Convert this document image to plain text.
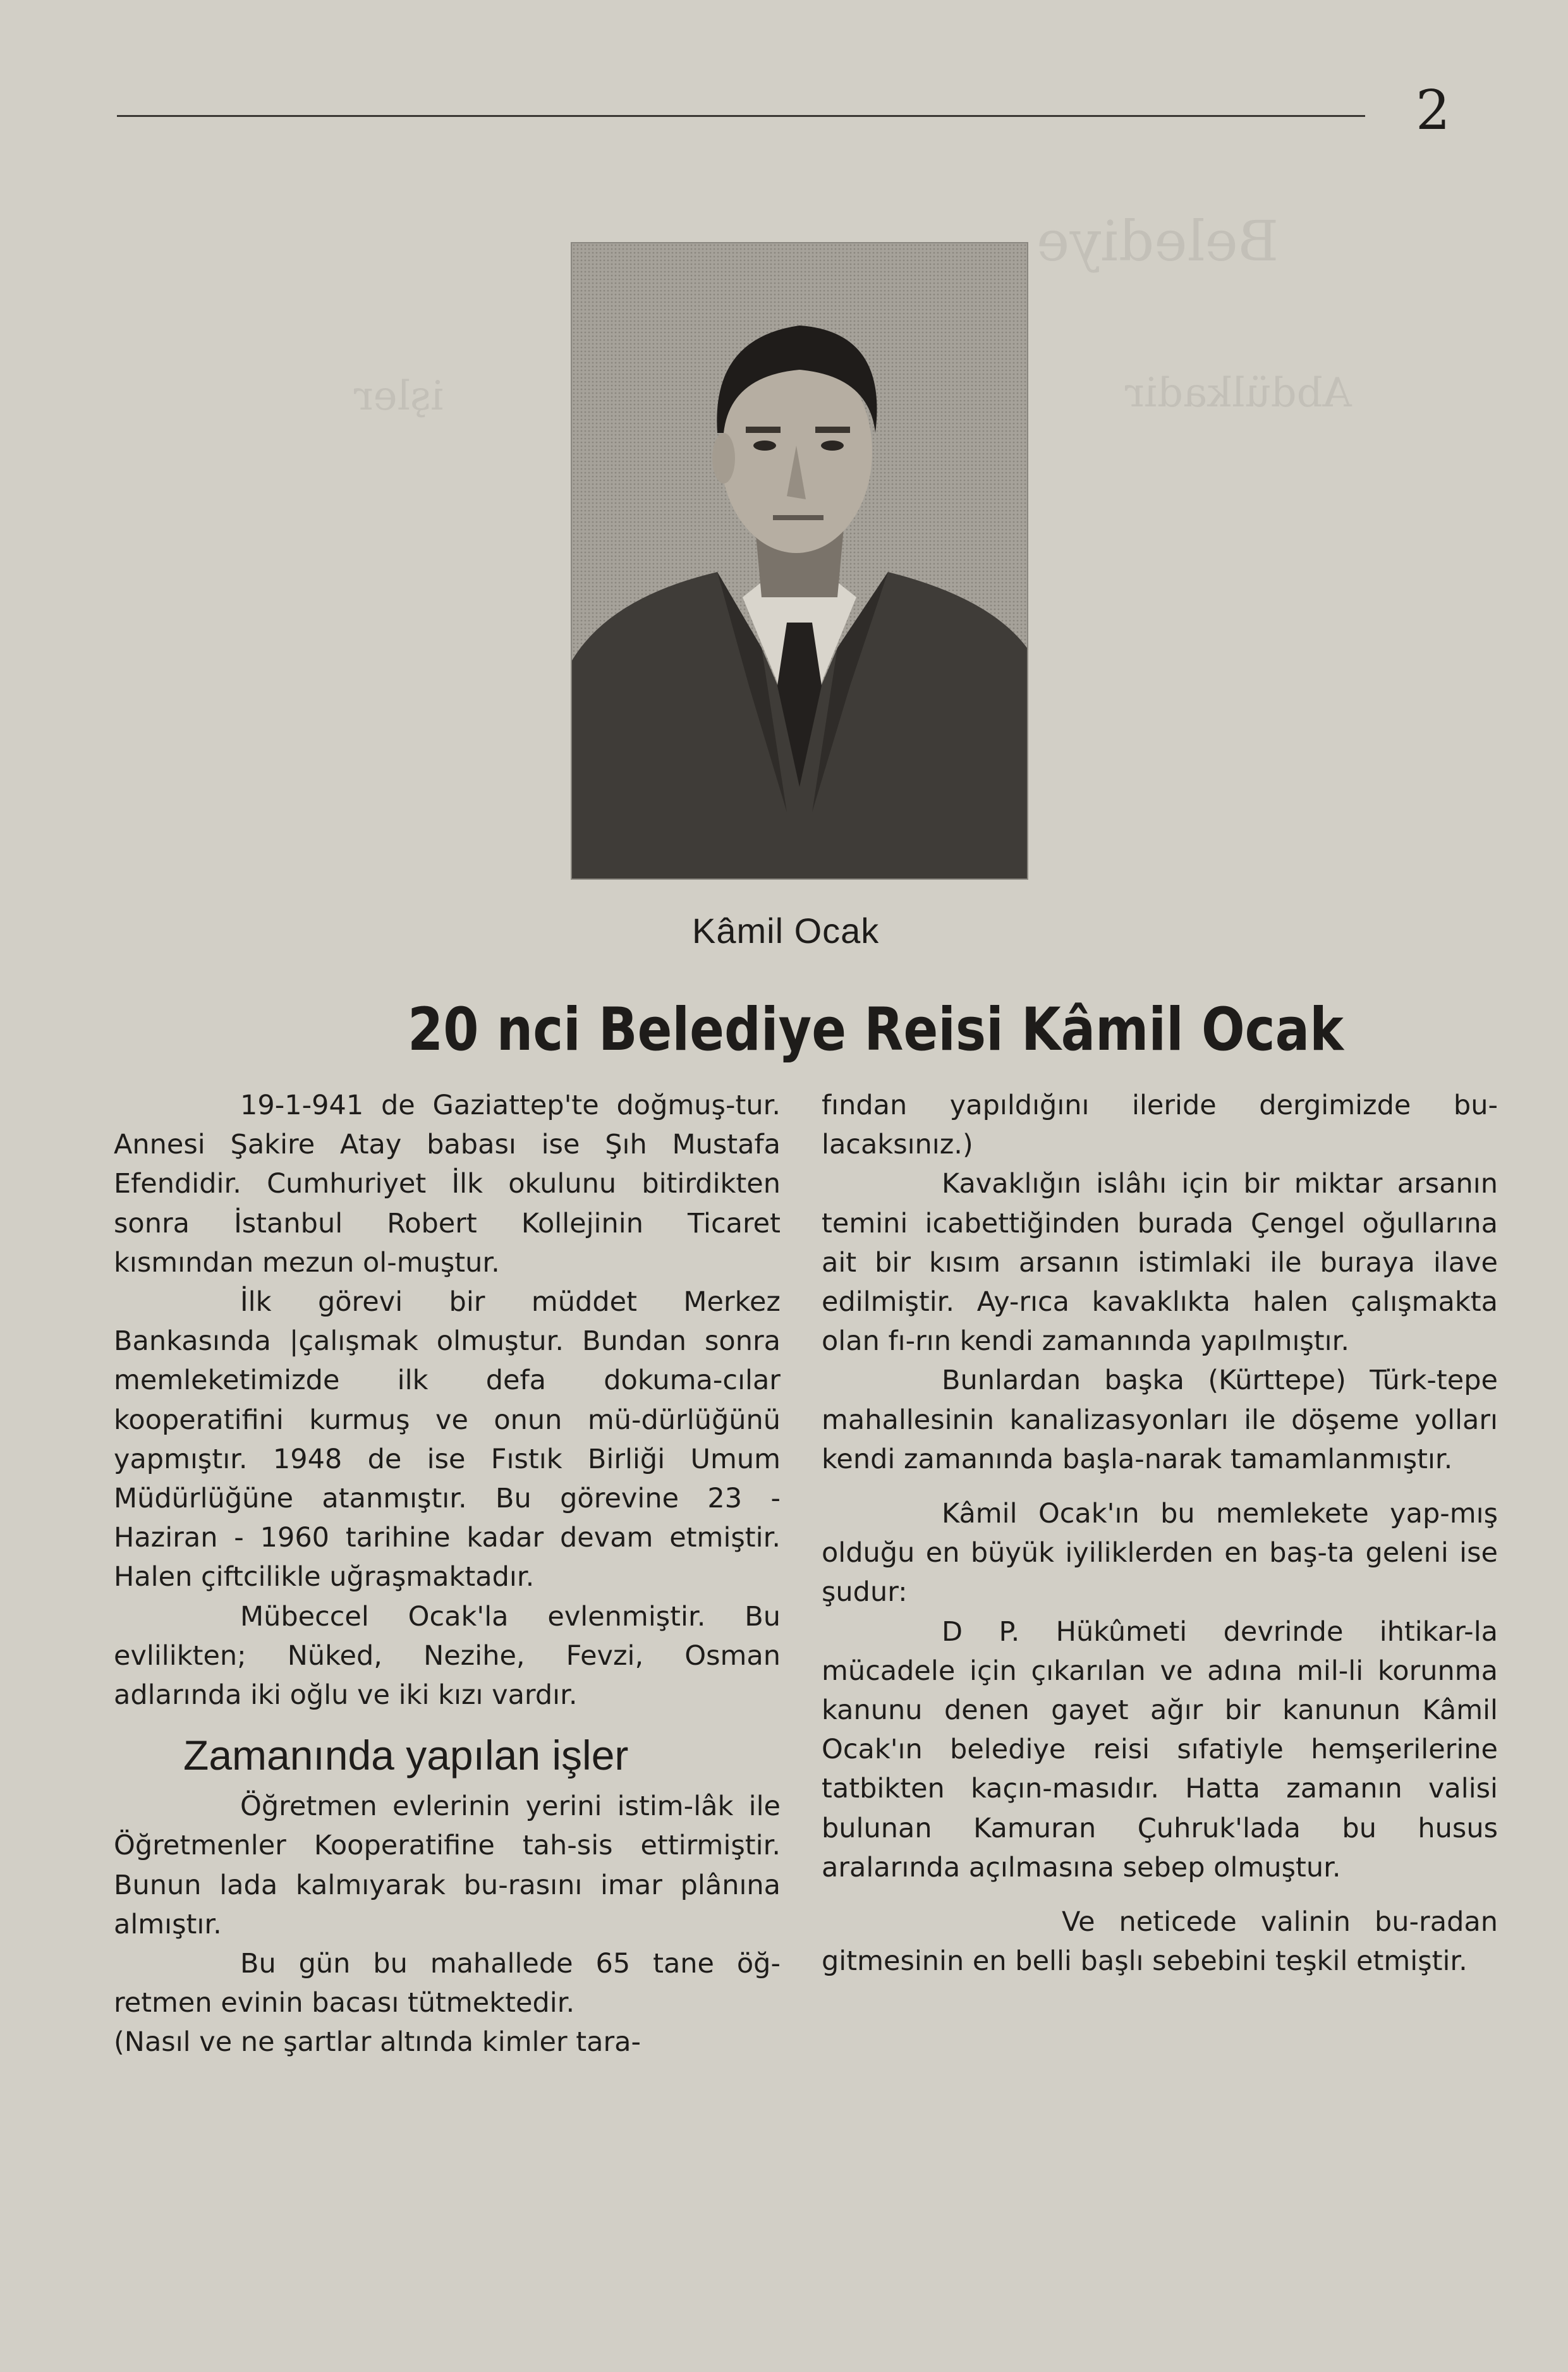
Belediye
Abdülkadir
işler
2
Kâmil Ocak
20 nci Belediye Reisi Kâmil Ocak

19-1-941 de Gaziattep'te doğmuş-tur. Annesi Şakire Atay babası ise Şıh Mustafa Efendidir. Cumhuriyet İlk okulunu bitirdikten sonra İstanbul Robert Kollejinin Ticaret kısmından mezun ol-muştur.

İlk görevi bir müddet Merkez Bankasında |çalışmak olmuştur. Bundan sonra memleketimizde ilk defa dokuma-cılar kooperatifini kurmuş ve onun mü-dürlüğünü yapmıştır. 1948 de ise Fıstık Birliği Umum Müdürlüğüne atanmıştır. Bu görevine 23 - Haziran - 1960 tarihine kadar devam etmiştir. Halen çiftcilikle uğraşmaktadır.

Mübeccel Ocak'la evlenmiştir. Bu evlilikten; Nüked, Nezihe, Fevzi, Osman adlarında iki oğlu ve iki kızı vardır.

Zamanında yapılan işler

Öğretmen evlerinin yerini istim-lâk ile Öğretmenler Kooperatifine tah-sis ettirmiştir. Bunun lada kalmıyarak bu-rasını imar plânına almıştır.

Bu gün bu mahallede 65 tane öğ-retmen evinin bacası tütmektedir.

(Nasıl ve ne şartlar altında kimler tara-

fından yapıldığını ileride dergimizde bu-lacaksınız.)

Kavaklığın islâhı için bir miktar arsanın temini icabettiğinden burada Çengel oğullarına ait bir kısım arsanın istimlaki ile buraya ilave edilmiştir. Ay-rıca kavaklıkta halen çalışmakta olan fı-rın kendi zamanında yapılmıştır.

Bunlardan başka (Kürttepe) Türk-tepe mahallesinin kanalizasyonları ile döşeme yolları kendi zamanında başla-narak tamamlanmıştır.

Kâmil Ocak'ın bu memlekete yap-mış olduğu en büyük iyiliklerden en baş-ta geleni ise şudur:

D P. Hükûmeti devrinde ihtikar-la mücadele için çıkarılan ve adına mil-li korunma kanunu denen gayet ağır bir kanunun Kâmil Ocak'ın belediye reisi sıfatiyle hemşerilerine tatbikten kaçın-masıdır. Hatta zamanın valisi bulunan Kamuran Çuhruk'lada bu husus aralarında açılmasına sebep olmuştur.

Ve neticede valinin bu-radan gitmesinin en belli başlı sebebini teşkil etmiştir.
